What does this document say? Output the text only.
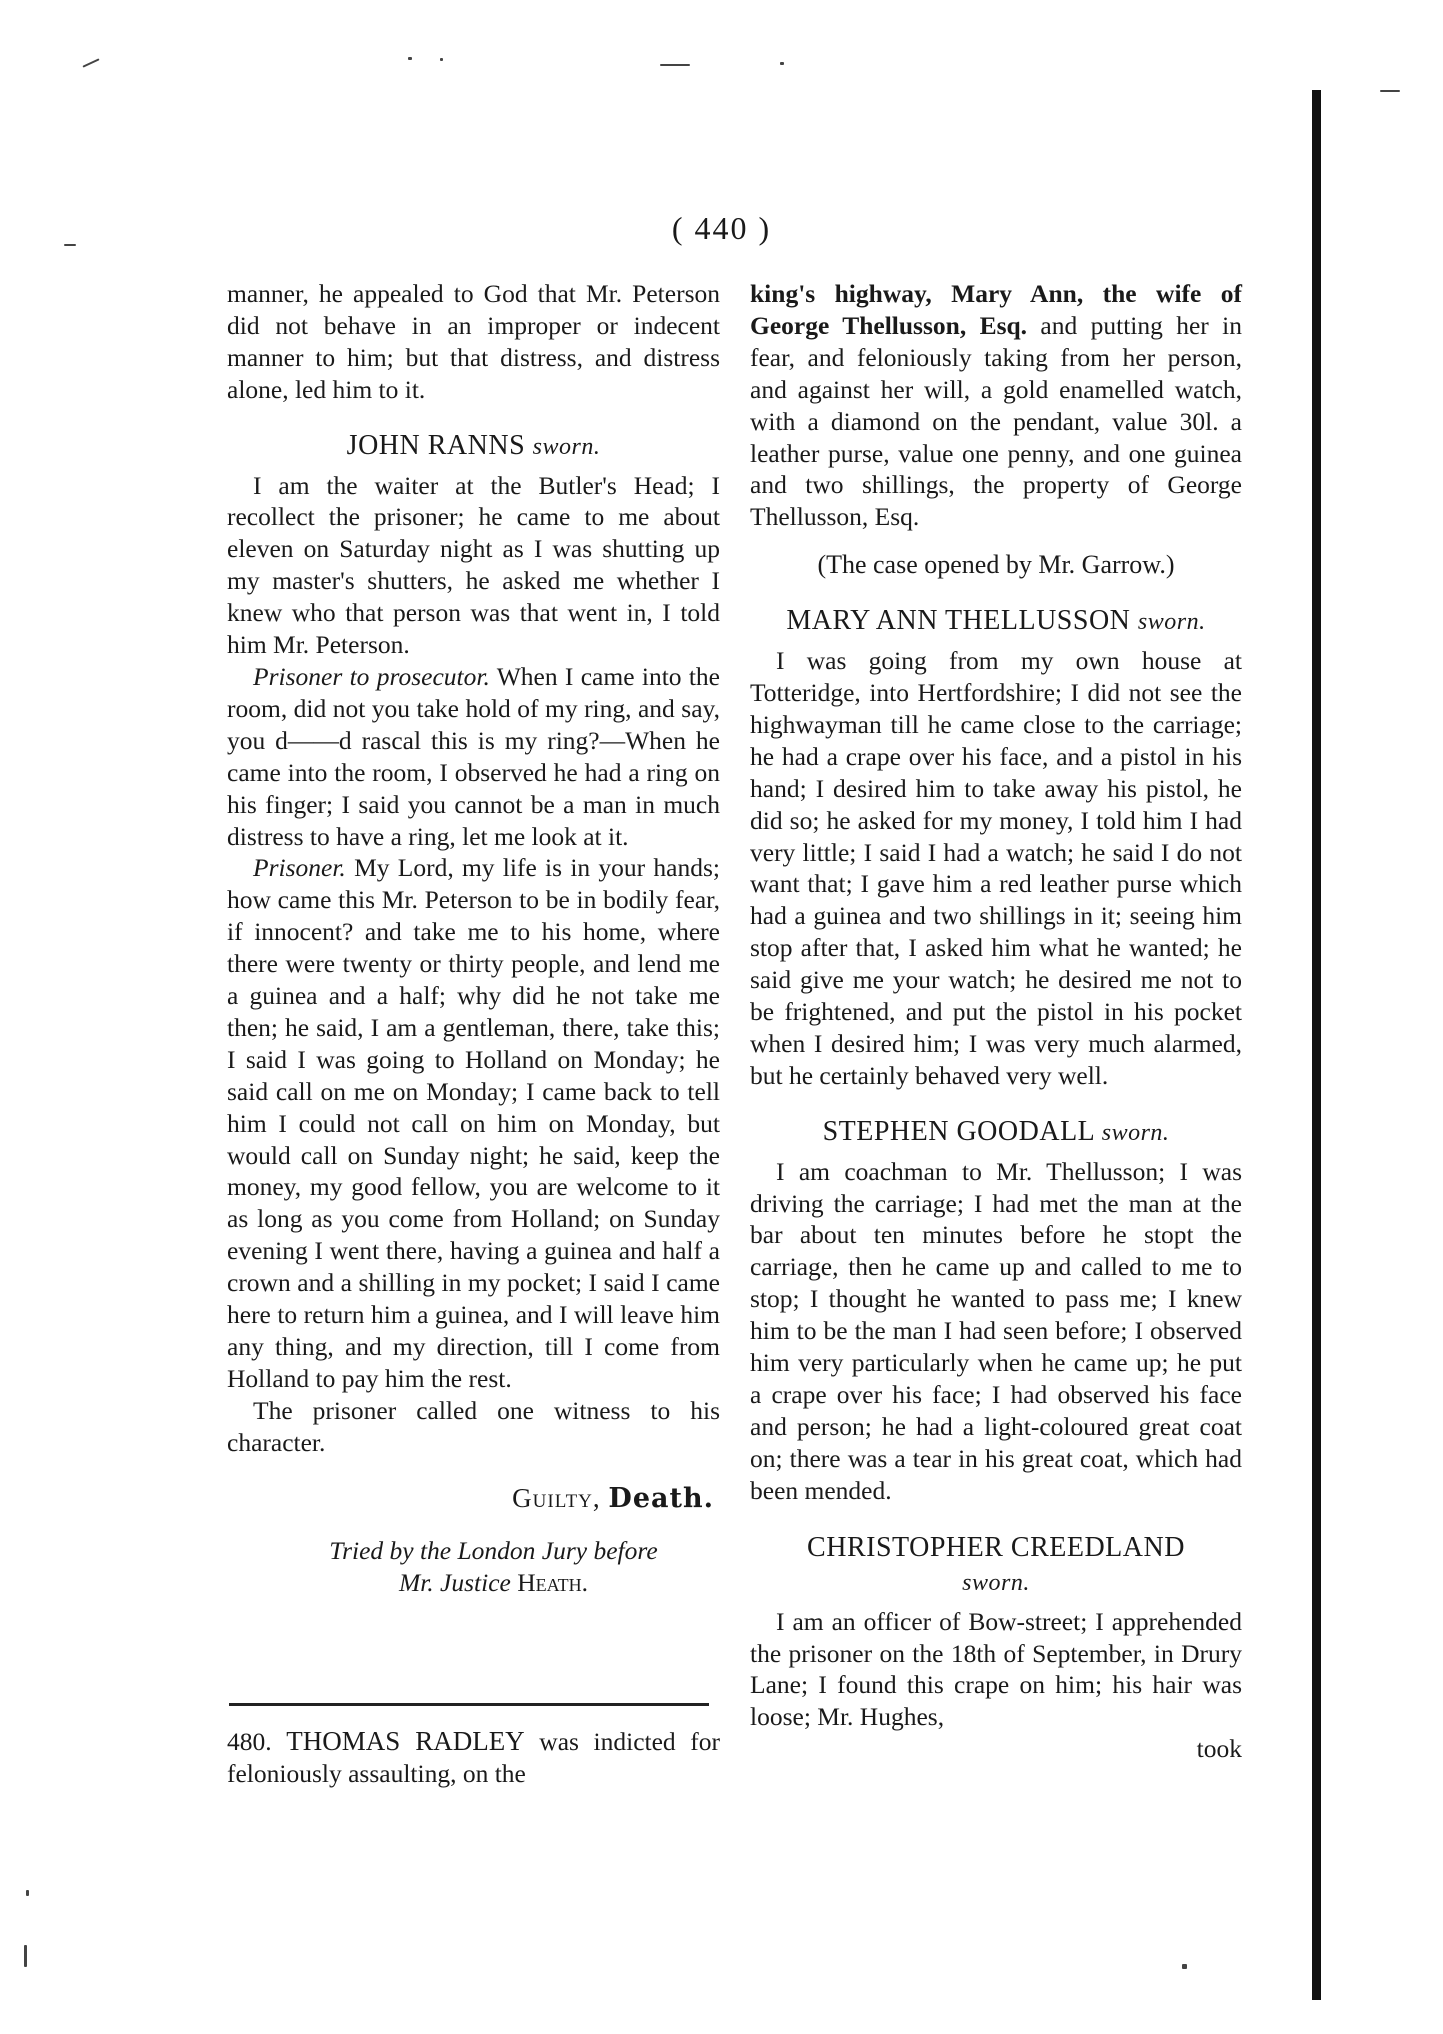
( 440 )

manner, he appealed to God that Mr. Peterson did not behave in an improper or indecent manner to him; but that distress, and distress alone, led him to it.

JOHN RANNS sworn.

I am the waiter at the Butler's Head; I recollect the prisoner; he came to me about eleven on Saturday night as I was shutting up my master's shutters, he asked me whether I knew who that person was that went in, I told him Mr. Peterson.

Prisoner to prosecutor. When I came into the room, did not you take hold of my ring, and say, you d——d rascal this is my ring?—When he came into the room, I observed he had a ring on his finger; I said you cannot be a man in much distress to have a ring, let me look at it.

Prisoner. My Lord, my life is in your hands; how came this Mr. Peterson to be in bodily fear, if innocent? and take me to his home, where there were twenty or thirty people, and lend me a guinea and a half; why did he not take me then; he said, I am a gentleman, there, take this; I said I was going to Holland on Monday; he said call on me on Monday; I came back to tell him I could not call on him on Monday, but would call on Sunday night; he said, keep the money, my good fellow, you are welcome to it as long as you come from Holland; on Sunday evening I went there, having a guinea and half a crown and a shilling in my pocket; I said I came here to return him a guinea, and I will leave him any thing, and my direction, till I come from Holland to pay him the rest.

The prisoner called one witness to his character.

Guilty, Death.
Tried by the London Jury before
Mr. Justice Heath.

480. THOMAS RADLEY was indicted for feloniously assaulting, on the

king's highway, Mary Ann, the wife of George Thellusson, Esq. and putting her in fear, and feloniously taking from her person, and against her will, a gold enamelled watch, with a diamond on the pendant, value 30l. a leather purse, value one penny, and one guinea and two shillings, the property of George Thellusson, Esq.

(The case opened by Mr. Garrow.)

MARY ANN THELLUSSON sworn.

I was going from my own house at Totteridge, into Hertfordshire; I did not see the highwayman till he came close to the carriage; he had a crape over his face, and a pistol in his hand; I desired him to take away his pistol, he did so; he asked for my money, I told him I had very little; I said I had a watch; he said I do not want that; I gave him a red leather purse which had a guinea and two shillings in it; seeing him stop after that, I asked him what he wanted; he said give me your watch; he desired me not to be frightened, and put the pistol in his pocket when I desired him; I was very much alarmed, but he certainly behaved very well.

STEPHEN GOODALL sworn.

I am coachman to Mr. Thellusson; I was driving the carriage; I had met the man at the bar about ten minutes before he stopt the carriage, then he came up and called to me to stop; I thought he wanted to pass me; I knew him to be the man I had seen before; I observed him very particularly when he came up; he put a crape over his face; I had observed his face and person; he had a light-coloured great coat on; there was a tear in his great coat, which had been mended.

CHRISTOPHER CREEDLAND
sworn.

I am an officer of Bow-street; I apprehended the prisoner on the 18th of September, in Drury Lane; I found this crape on him; his hair was loose; Mr. Hughes,

took
